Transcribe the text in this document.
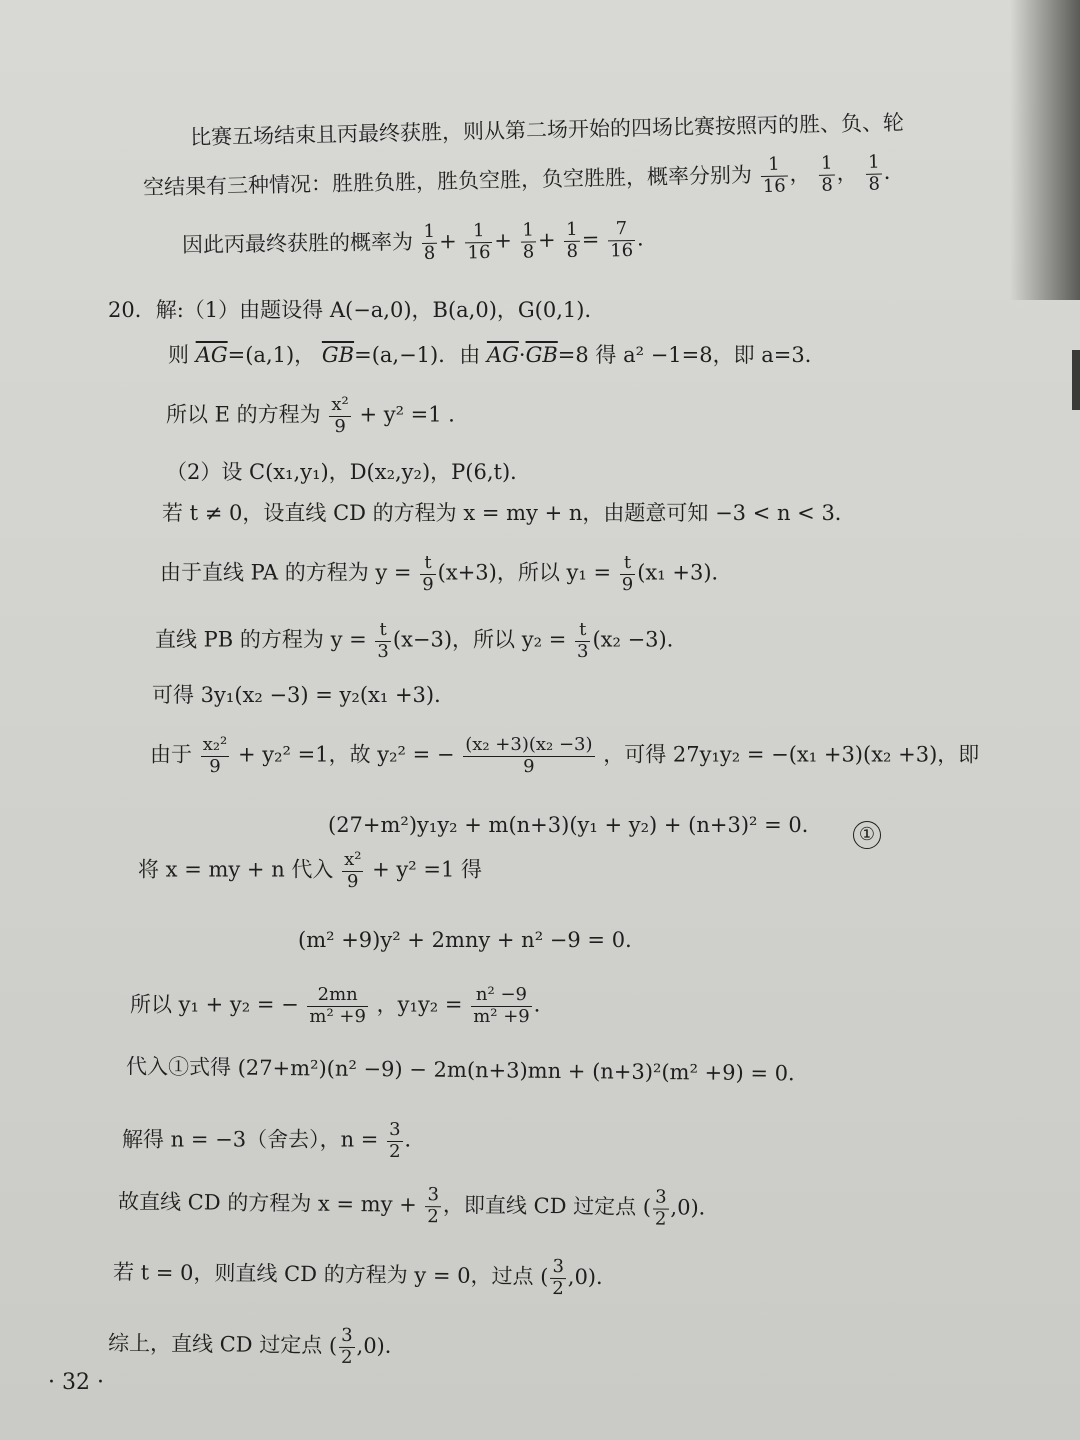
比赛五场结束且丙最终获胜，则从第二场开始的四场比赛按照丙的胜、负、轮
空结果有三种情况：胜胜负胜，胜负空胜，负空胜胜，概率分别为 $\frac{1}{16}$ ， $\frac{1}{8}$ ， $\frac{1}{8}$ ．
因此丙最终获胜的概率为 $\frac{1}{8} + \frac{1}{16} + \frac{1}{8} + \frac{1}{8} = \frac{7}{16}$ ．
20．解:（1）由题设得 A(−a,0)，B(a,0)，G(0,1)．
则 $\overline{AG}=(a,1)$， $\overline{GB}=(a,-1)$．由 $\overline{AG}\cdot\overline{GB}=8$ 得 a² −1=8，即 a=3．
所以 E 的方程为 $\frac{\text{x²}}{9} + y^2 =1$ ．
（2）设 C(x₁,y₁)，D(x₂,y₂)，P(6,t)．
若 t ≠ 0，设直线 CD 的方程为 x = my + n，由题意可知 −3 < n < 3．
由于直线 PA 的方程为 $y = \frac{t}{9} (x+3)$，所以 $y_1 = \frac{t}{9} (x_1 +3)$．
直线 PB 的方程为 $y = \frac{t}{3} (x-3)$，所以 $y_2 = \frac{t}{3} (x_2 -3)$．
可得 3y₁(x₂ −3) = y₂(x₁ +3)．
由于 $\frac{\text{x₂²}}{9} + y_2^2 =1$，故 y₂² = − $\frac{\text{(x₂ +3)(x₂ −3)}}{9}$ ，可得 27y₁y₂ = −(x₁ +3)(x₂ +3)，即
(27+m²)y₁y₂ + m(n+3)(y₁ + y₂) + (n+3)² = 0．	①
将 x = my + n 代入 $\frac{\text{x²}}{9} + y^2 =1$ 得
(m² +9)y² + 2mny + n² −9 = 0．
所以 y₁ + y₂ = − $\frac{2mn}{\text{m² +9}}$ ，$y_1y_2 = \frac{\text{n² −9}}{\text{m² +9}}$ ．
代入①式得 (27+m²)(n² −9) − 2m(n+3)mn + (n+3)²(m² +9) = 0．
解得 n = −3（舍去），$n = \frac{3}{2}$ ．
故直线 CD 的方程为 x = my + $\frac{3}{2}$ ，即直线 CD 过定点 ( $\frac{3}{2} ,0$)．
若 t = 0，则直线 CD 的方程为 y = 0，过点 ( $\frac{3}{2} ,0$)．
综上，直线 CD 过定点 ( $\frac{3}{2} ,0$)．
· 32 ·
